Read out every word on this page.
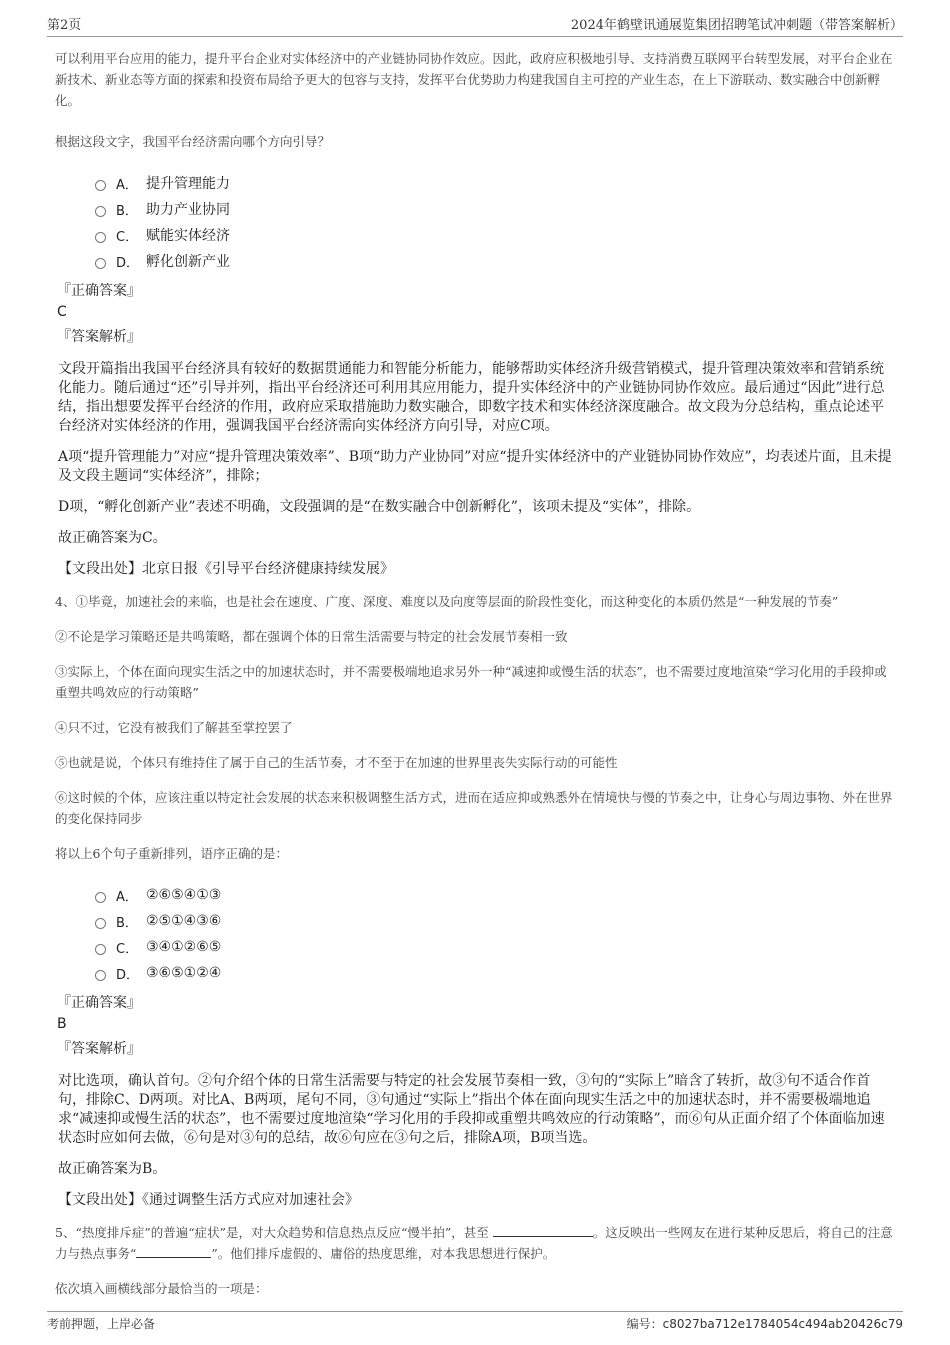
第2页	2024年鹤壁讯通展览集团招聘笔试冲刺题（带答案解析）

可以利用平台应用的能力，提升平台企业对实体经济中的产业链协同协作效应。因此，政府应积极地引导、支持消费互联网平台转型发展，对平台企业在新技术、新业态等方面的探索和投资布局给予更大的包容与支持，发挥平台优势助力构建我国自主可控的产业生态，在上下游联动、数实融合中创新孵化。

根据这段文字，我国平台经济需向哪个方向引导？

A． 提升管理能力
B． 助力产业协同
C． 赋能实体经济
D． 孵化创新产业
『正确答案』
C
『答案解析』

文段开篇指出我国平台经济具有较好的数据贯通能力和智能分析能力，能够帮助实体经济升级营销模式，提升管理决策效率和营销系统化能力。随后通过“还”引导并列，指出平台经济还可利用其应用能力，提升实体经济中的产业链协同协作效应。最后通过“因此”进行总结，指出想要发挥平台经济的作用，政府应采取措施助力数实融合，即数字技术和实体经济深度融合。故文段为分总结构，重点论述平台经济对实体经济的作用，强调我国平台经济需向实体经济方向引导，对应C项。

A项“提升管理能力”对应“提升管理决策效率”、B项“助力产业协同”对应“提升实体经济中的产业链协同协作效应”，均表述片面，且未提及文段主题词“实体经济”，排除；

D项，“孵化创新产业”表述不明确，文段强调的是“在数实融合中创新孵化”，该项未提及“实体”，排除。

故正确答案为C。

【文段出处】北京日报《引导平台经济健康持续发展》

4、①毕竟，加速社会的来临，也是社会在速度、广度、深度、难度以及向度等层面的阶段性变化，而这种变化的本质仍然是“一种发展的节奏”

②不论是学习策略还是共鸣策略，都在强调个体的日常生活需要与特定的社会发展节奏相一致

③实际上，个体在面向现实生活之中的加速状态时，并不需要极端地追求另外一种“减速抑或慢生活的状态”，也不需要过度地渲染“学习化用的手段抑或重塑共鸣效应的行动策略”

④只不过，它没有被我们了解甚至掌控罢了

⑤也就是说，个体只有维持住了属于自己的生活节奏，才不至于在加速的世界里丧失实际行动的可能性

⑥这时候的个体，应该注重以特定社会发展的状态来积极调整生活方式，进而在适应抑或熟悉外在情境快与慢的节奏之中，让身心与周边事物、外在世界的变化保持同步

将以上6个句子重新排列，语序正确的是：

A． ②⑥⑤④①③
B． ②⑤①④③⑥
C． ③④①②⑥⑤
D． ③⑥⑤①②④
『正确答案』
B
『答案解析』

对比选项，确认首句。②句介绍个体的日常生活需要与特定的社会发展节奏相一致，③句的“实际上”暗含了转折，故③句不适合作首句，排除C、D两项。对比A、B两项，尾句不同，③句通过“实际上”指出个体在面向现实生活之中的加速状态时，并不需要极端地追求“减速抑或慢生活的状态”，也不需要过度地渲染“学习化用的手段抑或重塑共鸣效应的行动策略”，而⑥句从正面介绍了个体面临加速状态时应如何去做，⑥句是对③句的总结，故⑥句应在③句之后，排除A项，B项当选。

故正确答案为B。

【文段出处】《通过调整生活方式应对加速社会》

5、“热度排斥症”的普遍“症状”是，对大众趋势和信息热点反应“慢半拍”，甚至	。这反映出一些网友在进行某种反思后，将自己的注意力与热点事务“	”。他们排斥虚假的、庸俗的热度思维，对本我思想进行保护。

依次填入画横线部分最恰当的一项是：

考前押题，上岸必备	编号：c8027ba712e1784054c494ab20426c79
